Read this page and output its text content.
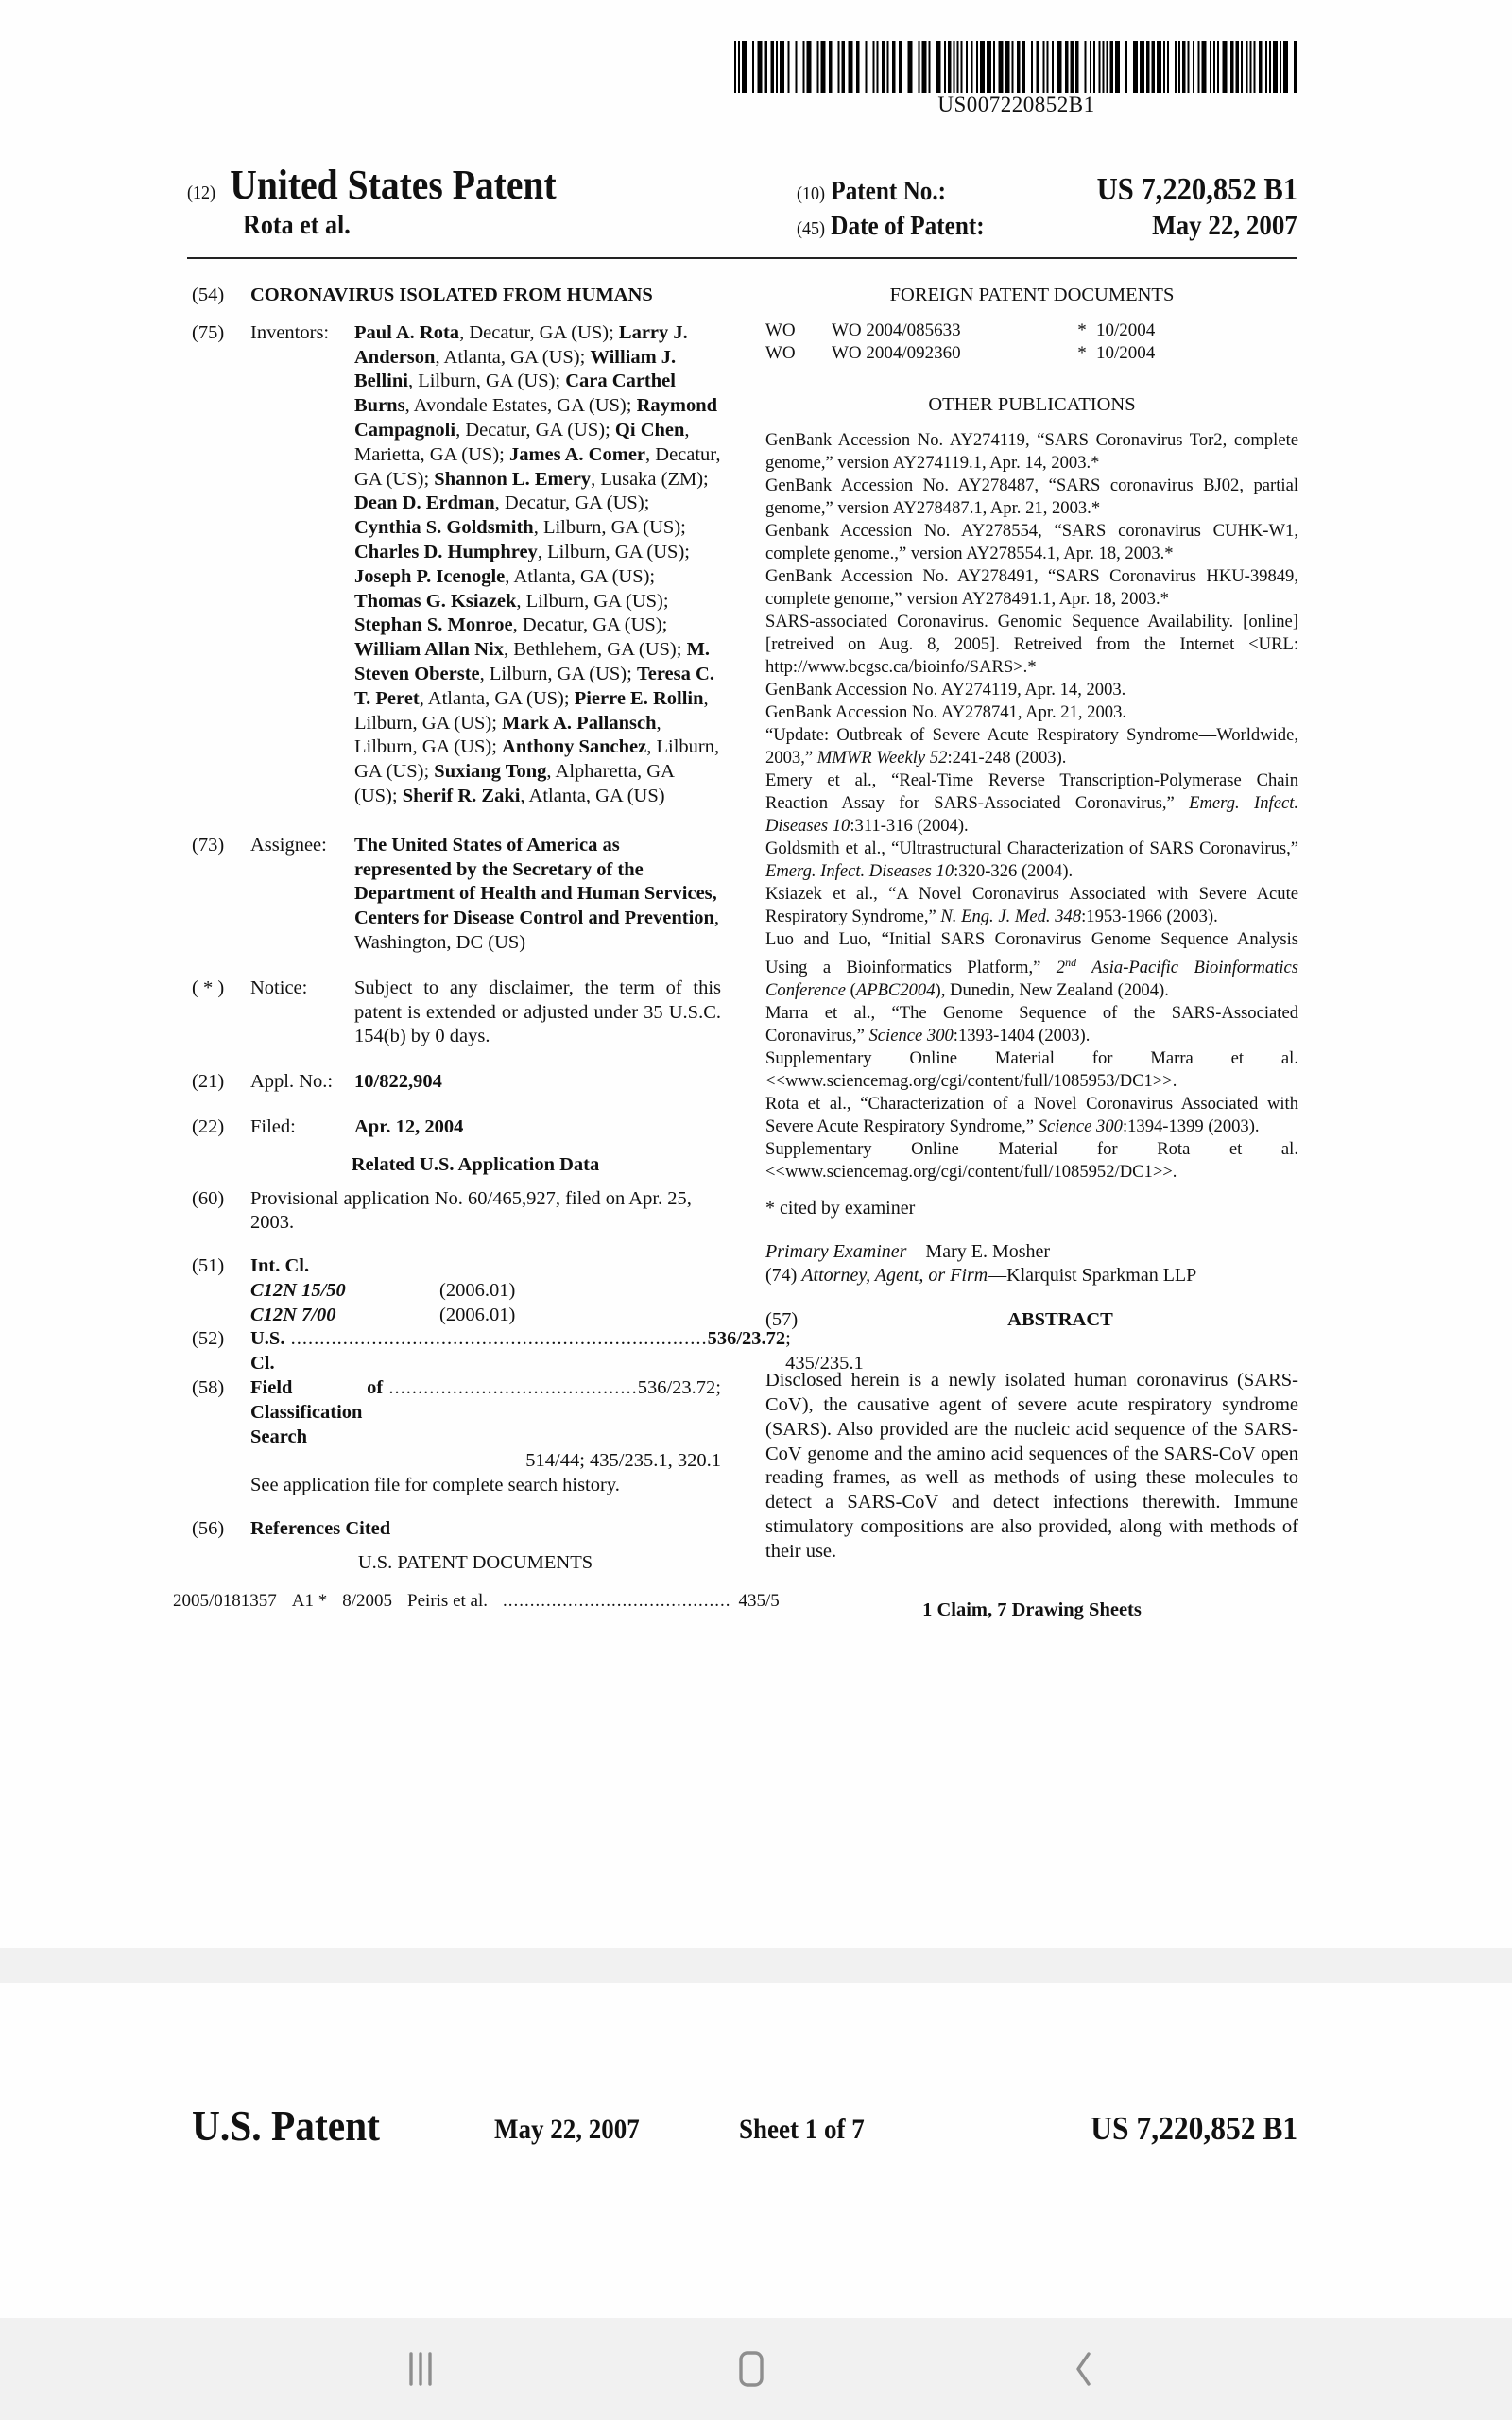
US007220852B1
(12) United States Patent
Rota et al.
(10) Patent No.:	US 7,220,852 B1
(45) Date of Patent:	May 22, 2007
(54)	CORONAVIRUS ISOLATED FROM HUMANS
(75)	Inventors:	Paul A. Rota, Decatur, GA (US); Larry J. Anderson, Atlanta, GA (US); William J. Bellini, Lilburn, GA (US); Cara Carthel Burns, Avondale Estates, GA (US); Raymond Campagnoli, Decatur, GA (US); Qi Chen, Marietta, GA (US); James A. Comer, Decatur, GA (US); Shannon L. Emery, Lusaka (ZM); Dean D. Erdman, Decatur, GA (US); Cynthia S. Goldsmith, Lilburn, GA (US); Charles D. Humphrey, Lilburn, GA (US); Joseph P. Icenogle, Atlanta, GA (US); Thomas G. Ksiazek, Lilburn, GA (US); Stephan S. Monroe, Decatur, GA (US); William Allan Nix, Bethlehem, GA (US); M. Steven Oberste, Lilburn, GA (US); Teresa C. T. Peret, Atlanta, GA (US); Pierre E. Rollin, Lilburn, GA (US); Mark A. Pallansch, Lilburn, GA (US); Anthony Sanchez, Lilburn, GA (US); Suxiang Tong, Alpharetta, GA (US); Sherif R. Zaki, Atlanta, GA (US)
(73)	Assignee:	The United States of America as represented by the Secretary of the Department of Health and Human Services, Centers for Disease Control and Prevention, Washington, DC (US)
( * )	Notice:	Subject to any disclaimer, the term of this patent is extended or adjusted under 35 U.S.C. 154(b) by 0 days.
(21)	Appl. No.:	10/822,904
(22)	Filed:	Apr. 12, 2004
Related U.S. Application Data
(60)	Provisional application No. 60/465,927, filed on Apr. 25, 2003.
(51)	Int. Cl.
C12N 15/50	(2006.01)
C12N 7/00	(2006.01)
(52)	U.S. Cl.
........................................................................ 536/23.72 ; 435/235.1
(58)	Field of Classification Search
........................................... 536/23.72;
514/44; 435/235.1, 320.1
See application file for complete search history.
(56)	References Cited
U.S. PATENT DOCUMENTS
2005/0181357 A1 * 8/2005 Peiris et al. .......................................... 435/5
FOREIGN PATENT DOCUMENTS
WO	WO 2004/085633	* 10/2004
WO	WO 2004/092360	* 10/2004
OTHER PUBLICATIONS
GenBank Accession No. AY274119, “SARS Coronavirus Tor2, complete genome,” version AY274119.1, Apr. 14, 2003.*
GenBank Accession No. AY278487, “SARS coronavirus BJ02, partial genome,” version AY278487.1, Apr. 21, 2003.*
Genbank Accession No. AY278554, “SARS coronavirus CUHK-W1, complete genome.,” version AY278554.1, Apr. 18, 2003.*
GenBank Accession No. AY278491, “SARS Coronavirus HKU-39849, complete genome,” version AY278491.1, Apr. 18, 2003.*
SARS-associated Coronavirus. Genomic Sequence Availability. [online] [retreived on Aug. 8, 2005]. Retreived from the Internet <URL: http://www.bcgsc.ca/bioinfo/SARS>.*
GenBank Accession No. AY274119, Apr. 14, 2003.
GenBank Accession No. AY278741, Apr. 21, 2003.
“Update: Outbreak of Severe Acute Respiratory Syndrome—Worldwide, 2003,” MMWR Weekly 52:241-248 (2003).
Emery et al., “Real-Time Reverse Transcription-Polymerase Chain Reaction Assay for SARS-Associated Coronavirus,” Emerg. Infect. Diseases 10:311-316 (2004).
Goldsmith et al., “Ultrastructural Characterization of SARS Coronavirus,” Emerg. Infect. Diseases 10:320-326 (2004).
Ksiazek et al., “A Novel Coronavirus Associated with Severe Acute Respiratory Syndrome,” N. Eng. J. Med. 348:1953-1966 (2003).
Luo and Luo, “Initial SARS Coronavirus Genome Sequence Analysis Using a Bioinformatics Platform,” 2nd Asia-Pacific Bioinformatics Conference (APBC2004), Dunedin, New Zealand (2004).
Marra et al., “The Genome Sequence of the SARS-Associated Coronavirus,” Science 300:1393-1404 (2003).
Supplementary Online Material for Marra et al. <<www.sciencemag.org/cgi/content/full/1085953/DC1>>.
Rota et al., “Characterization of a Novel Coronavirus Associated with Severe Acute Respiratory Syndrome,” Science 300:1394-1399 (2003).
Supplementary Online Material for Rota et al. <<www.sciencemag.org/cgi/content/full/1085952/DC1>>.
* cited by examiner
Primary Examiner—Mary E. Mosher
(74) Attorney, Agent, or Firm—Klarquist Sparkman LLP
(57)	ABSTRACT
Disclosed herein is a newly isolated human coronavirus (SARS-CoV), the causative agent of severe acute respiratory syndrome (SARS). Also provided are the nucleic acid sequence of the SARS-CoV genome and the amino acid sequences of the SARS-CoV open reading frames, as well as methods of using these molecules to detect a SARS-CoV and detect infections therewith. Immune stimulatory compositions are also provided, along with methods of their use.
1 Claim, 7 Drawing Sheets
U.S. Patent	May 22, 2007	Sheet 1 of 7	US 7,220,852 B1
